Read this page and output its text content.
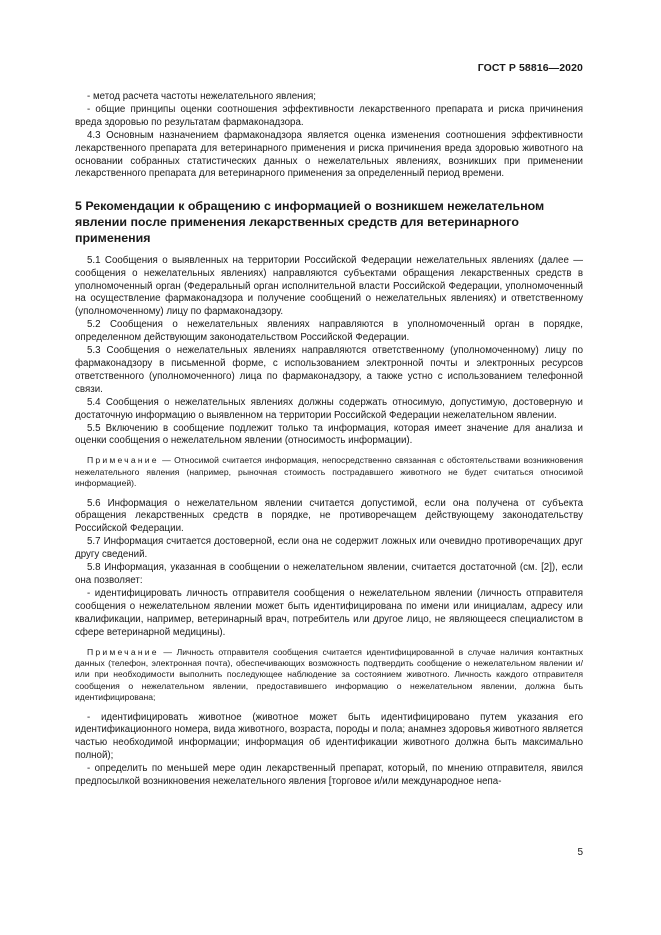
ГОСТ Р 58816—2020

- метод расчета частоты нежелательного явления;

- общие принципы оценки соотношения эффективности лекарственного препарата и риска причинения вреда здоровью по результатам фармаконадзора.

4.3 Основным назначением фармаконадзора является оценка изменения соотношения эффективности лекарственного препарата для ветеринарного применения и риска причинения вреда здоровью животного на основании собранных статистических данных о нежелательных явлениях, возникших при применении лекарственного препарата для ветеринарного применения за определенный период времени.

5 Рекомендации к обращению с информацией о возникшем нежелательном явлении после применения лекарственных средств для ветеринарного применения

5.1 Сообщения о выявленных на территории Российской Федерации нежелательных явлениях (далее — сообщения о нежелательных явлениях) направляются субъектами обращения лекарственных средств в уполномоченный орган (Федеральный орган исполнительной власти Российской Федерации, уполномоченный на осуществление фармаконадзора и получение сообщений о нежелательных явлениях) и ответственному (уполномоченному) лицу по фармаконадзору.

5.2 Сообщения о нежелательных явлениях направляются в уполномоченный орган в порядке, определенном действующим законодательством Российской Федерации.

5.3 Сообщения о нежелательных явлениях направляются ответственному (уполномоченному) лицу по фармаконадзору в письменной форме, с использованием электронной почты и электронных ресурсов ответственного (уполномоченного) лица по фармаконадзору, а также устно с использованием телефонной связи.

5.4 Сообщения о нежелательных явлениях должны содержать относимую, допустимую, достоверную и достаточную информацию о выявленном на территории Российской Федерации нежелательном явлении.

5.5 Включению в сообщение подлежит только та информация, которая имеет значение для анализа и оценки сообщения о нежелательном явлении (относимость информации).

Примечание — Относимой считается информация, непосредственно связанная с обстоятельствами возникновения нежелательного явления (например, рыночная стоимость пострадавшего животного не будет считаться относимой информацией).

5.6 Информация о нежелательном явлении считается допустимой, если она получена от субъекта обращения лекарственных средств в порядке, не противоречащем действующему законодательству Российской Федерации.

5.7 Информация считается достоверной, если она не содержит ложных или очевидно противоречащих друг другу сведений.

5.8 Информация, указанная в сообщении о нежелательном явлении, считается достаточной (см. [2]), если она позволяет:

- идентифицировать личность отправителя сообщения о нежелательном явлении (личность отправителя сообщения о нежелательном явлении может быть идентифицирована по имени или инициалам, адресу или квалификации, например, ветеринарный врач, потребитель или другое лицо, не являющееся специалистом в сфере ветеринарной медицины).

Примечание — Личность отправителя сообщения считается идентифицированной в случае наличия контактных данных (телефон, электронная почта), обеспечивающих возможность подтвердить сообщение о нежелательном явлении и/или при необходимости выполнить последующее наблюдение за состоянием животного. Личность каждого отправителя сообщения о нежелательном явлении, предоставившего информацию о нежелательном явлении, должна быть идентифицирована;

- идентифицировать животное (животное может быть идентифицировано путем указания его идентификационного номера, вида животного, возраста, породы и пола; анамнез здоровья животного является частью необходимой информации; информация об идентификации животного должна быть максимально полной);

- определить по меньшей мере один лекарственный препарат, который, по мнению отправителя, явился предпосылкой возникновения нежелательного явления [торговое и/или международное непа-

5
